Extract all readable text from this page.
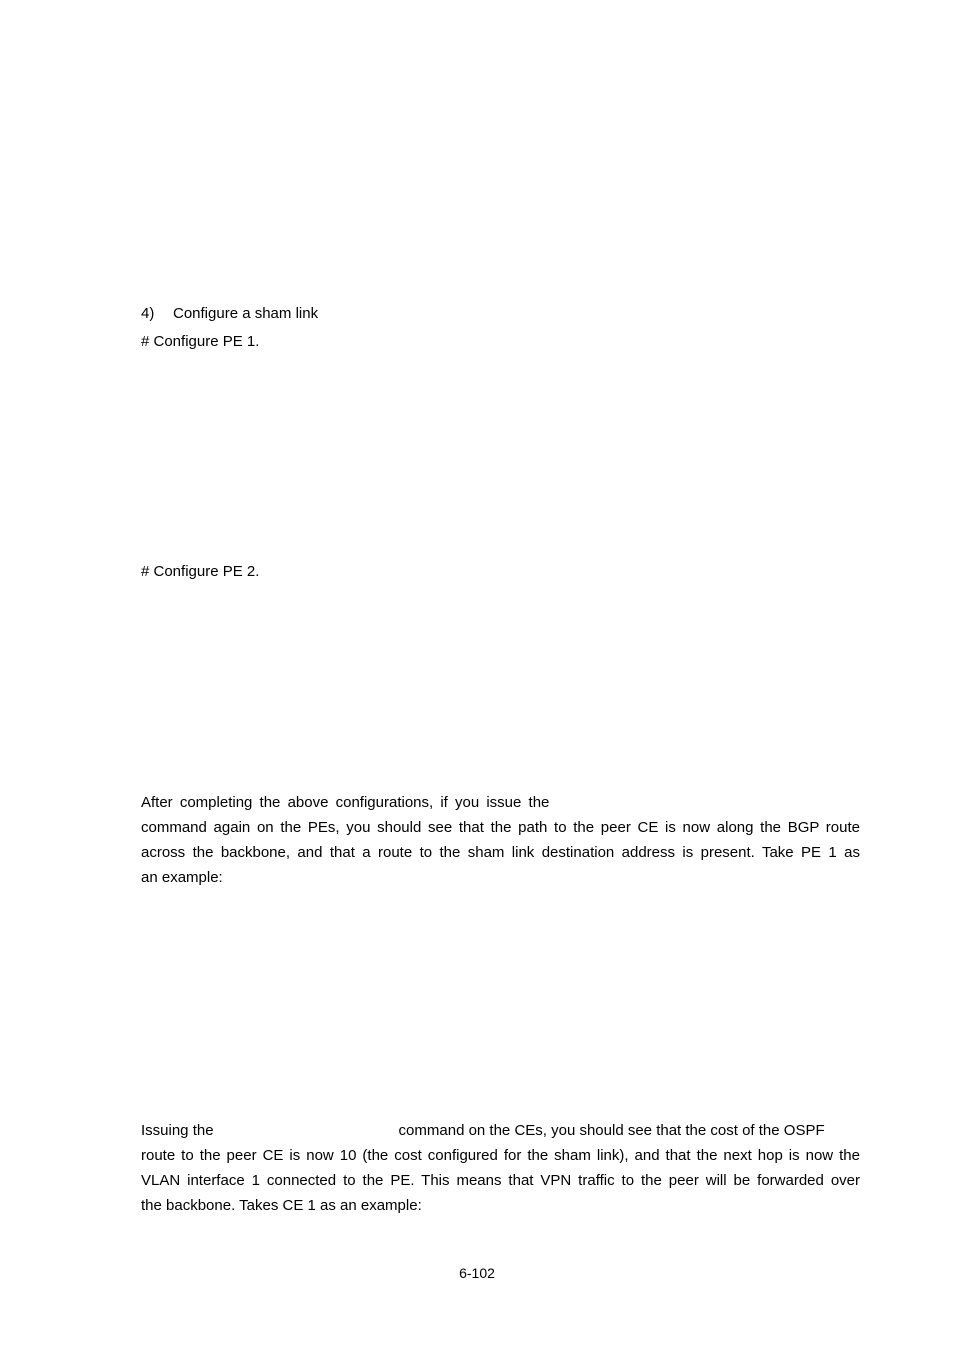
4) Configure a sham link
# Configure PE 1.
# Configure PE 2.
After completing the above configurations, if you issue the
command again on the PEs, you should see that the path to the peer CE is now along the BGP route
across the backbone, and that a route to the sham link destination address is present. Take PE 1 as
an example:
Issuing the	command on the CEs, you should see that the cost of the OSPF
route to the peer CE is now 10 (the cost configured for the sham link), and that the next hop is now the
VLAN interface 1 connected to the PE. This means that VPN traffic to the peer will be forwarded over
the backbone. Takes CE 1 as an example:
6-102
